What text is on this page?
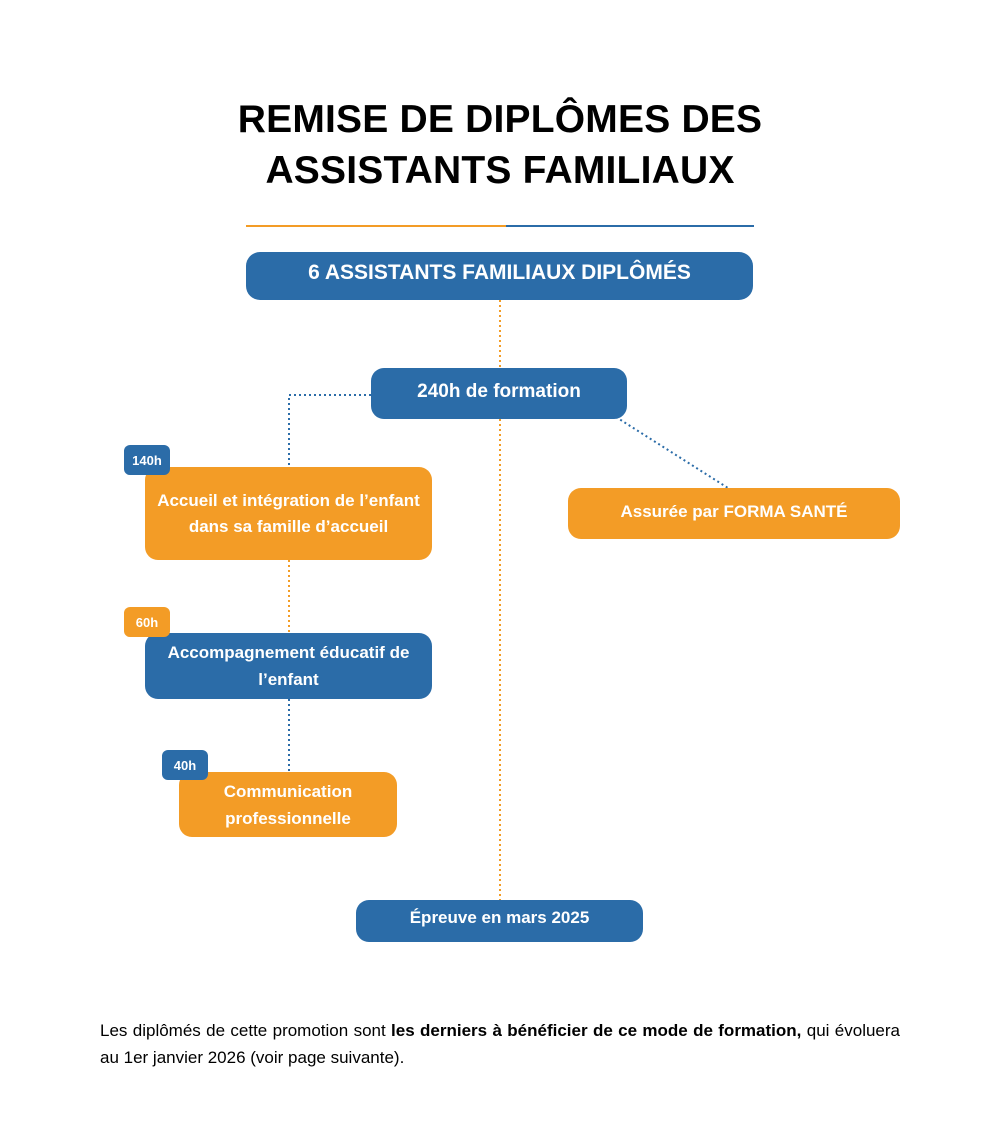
REMISE DE DIPLÔMES DES
ASSISTANTS FAMILIAUX
6 ASSISTANTS FAMILIAUX DIPLÔMÉS
240h de formation
Assurée par FORMA SANTÉ
Accueil et intégration de l’enfant dans sa famille d’accueil
140h
Accompagnement éducatif de l’enfant
60h
Communication professionnelle
40h
Épreuve en mars 2025
Les diplômés de cette promotion sont les derniers à bénéficier de ce mode de formation, qui évoluera au 1er janvier 2026 (voir page suivante).
